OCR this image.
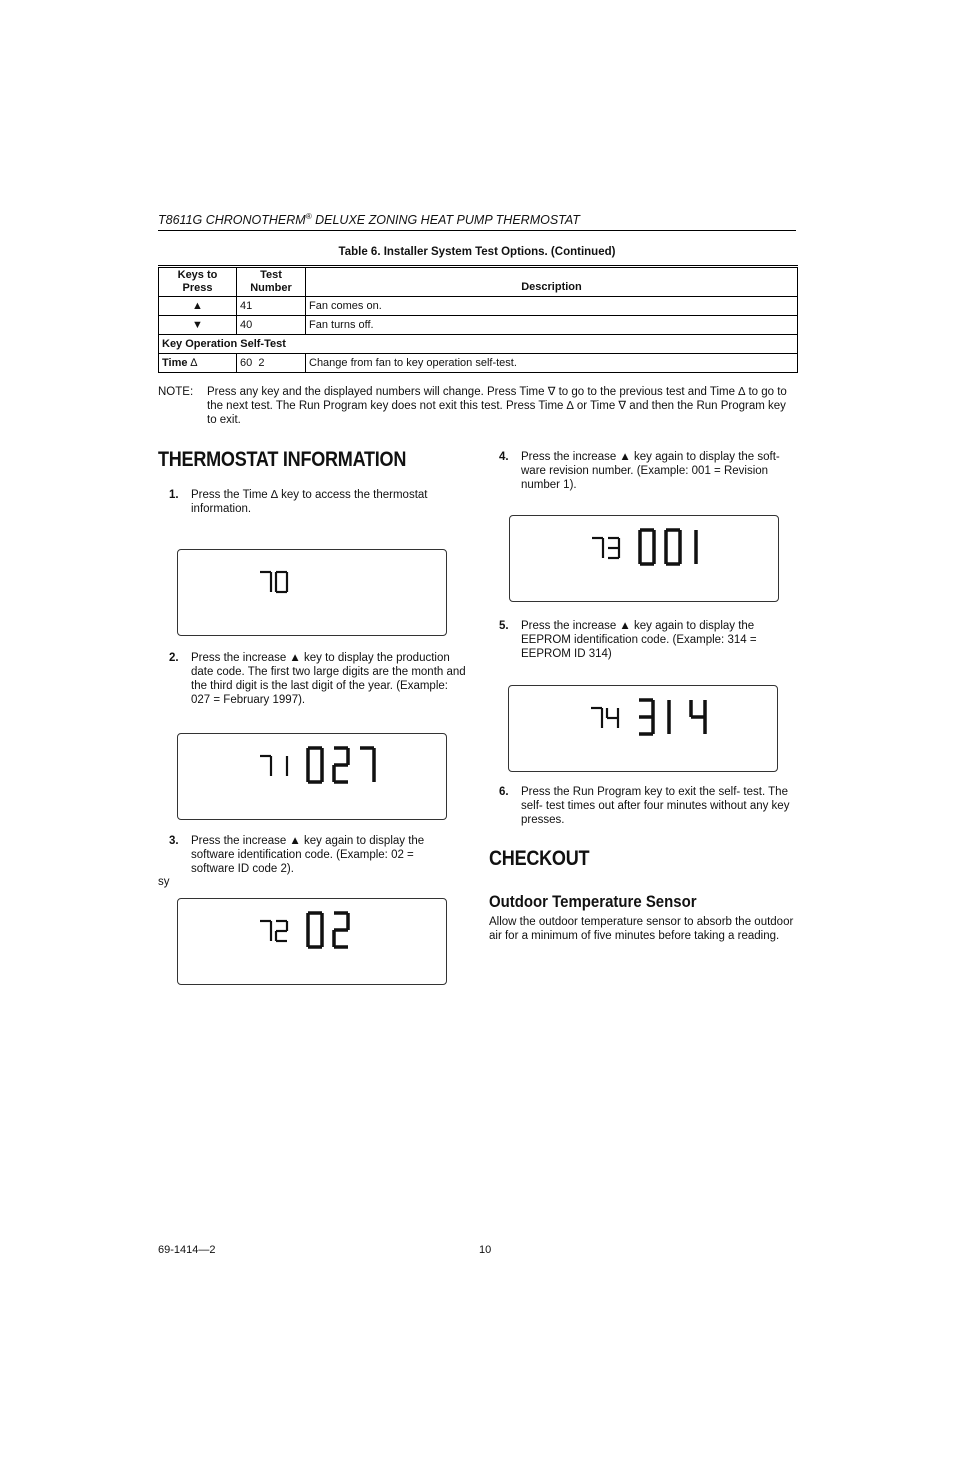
T8611G CHRONOTHERM® DELUXE ZONING HEAT PUMP THERMOSTAT
Table 6. Installer System Test Options. (Continued)
Keys to Press	Test Number	Description
▲	41	Fan comes on.
▼	40	Fan turns off.
Key Operation Self-Test		
Time ∆	60  2	Change from fan to key operation self-test.
NOTE: Press any key and the displayed numbers will change. Press Time ∇ to go to the previous test and Time ∆ to go to the next test. The Run Program key does not exit this test. Press Time ∆ or Time ∇ and then the Run Program key to exit.
THERMOSTAT INFORMATION
1. Press the Time ∆ key to access the thermostat information.
2. Press the increase ▲ key to display the production date code. The first two large digits are the month and the third digit is the last digit of the year. (Example: 027 = February 1997).
3. Press the increase ▲ key again to display the software identification code. (Example: 02 = software ID code 2).
sy
4. Press the increase ▲ key again to display the soft-ware revision number. (Example: 001 = Revision number 1).
5. Press the increase ▲ key again to display the EEPROM identification code. (Example: 314 = EEPROM ID 314)
6. Press the Run Program key to exit the self- test. The self- test times out after four minutes without any key presses.
CHECKOUT
Outdoor Temperature Sensor
Allow the outdoor temperature sensor to absorb the outdoor air for a minimum of five minutes before taking a reading.
69-1414—2	10
